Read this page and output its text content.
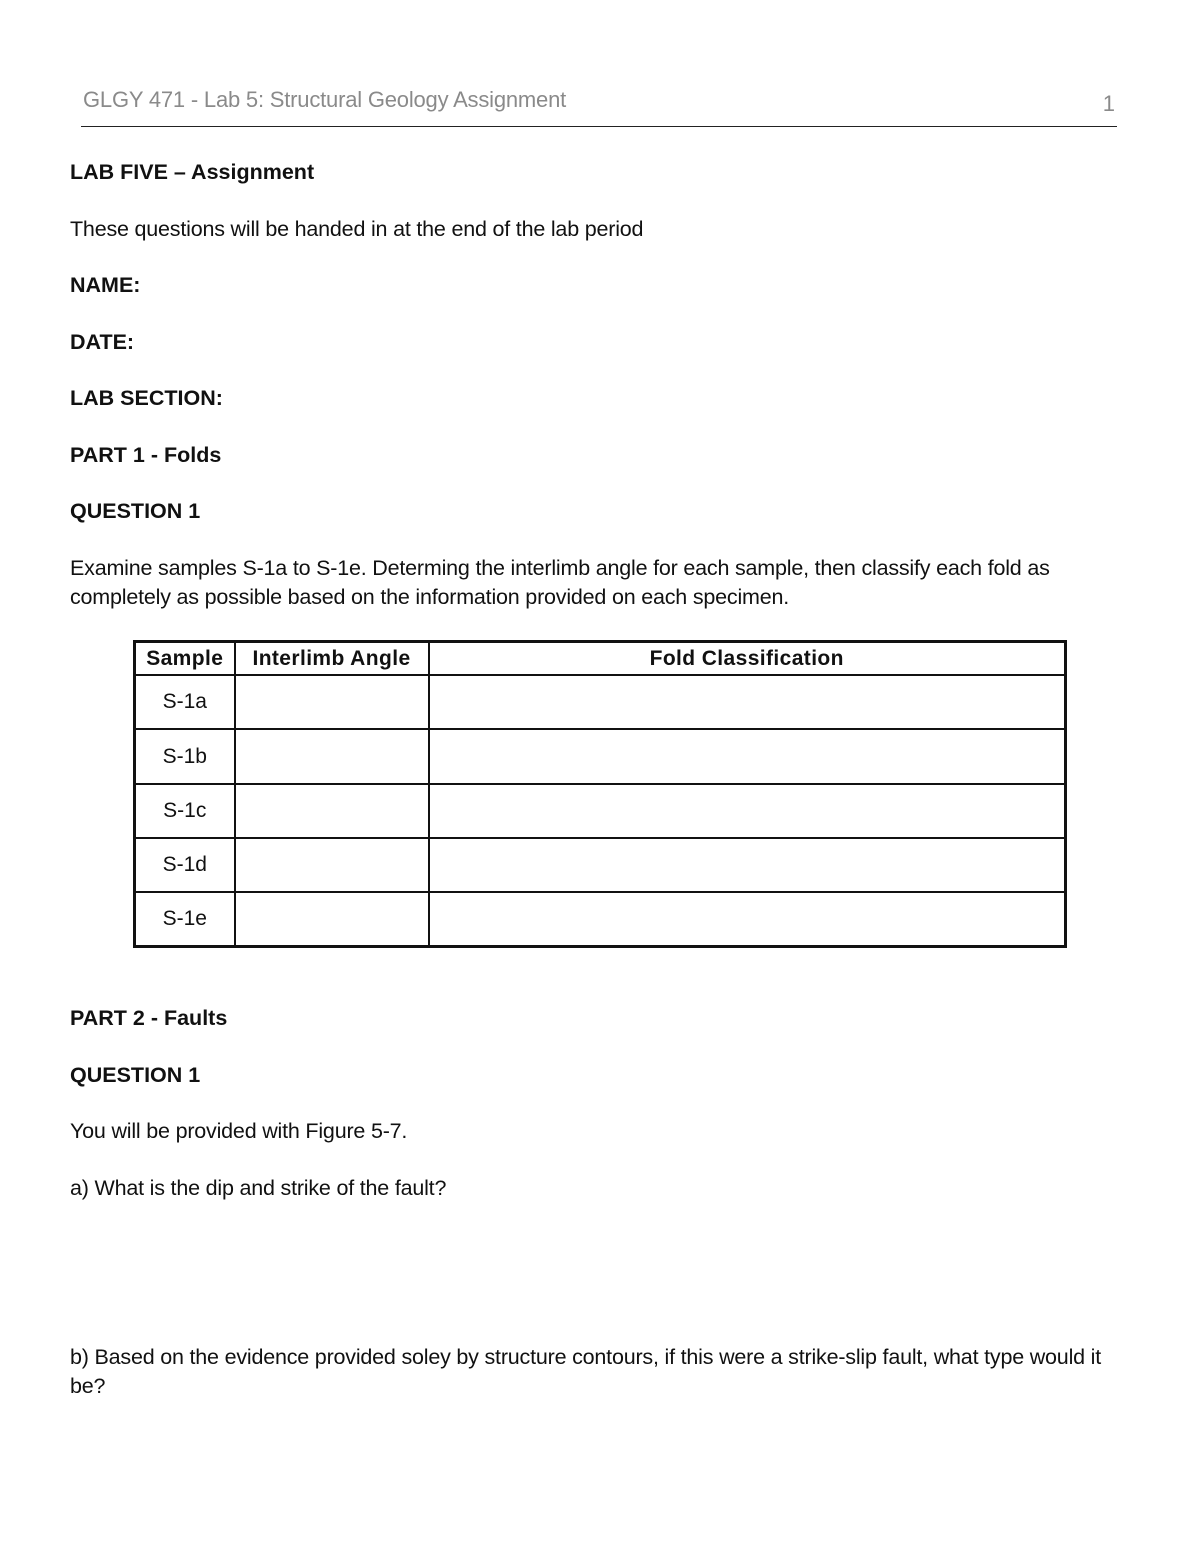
GLGY 471 - Lab 5: Structural Geology Assignment	1
LAB FIVE – Assignment
These questions will be handed in at the end of the lab period
NAME:
DATE:
LAB SECTION:
PART 1 - Folds
QUESTION 1
Examine samples S-1a to S-1e. Determing the interlimb angle for each sample, then classify each fold as completely as possible based on the information provided on each specimen.
Sample	Interlimb Angle	Fold Classification
S-1a		
S-1b		
S-1c		
S-1d		
S-1e		
PART 2 - Faults
QUESTION 1
You will be provided with Figure 5-7.
a) What is the dip and strike of the fault?
b) Based on the evidence provided soley by structure contours, if this were a strike-slip fault, what type would it be?
